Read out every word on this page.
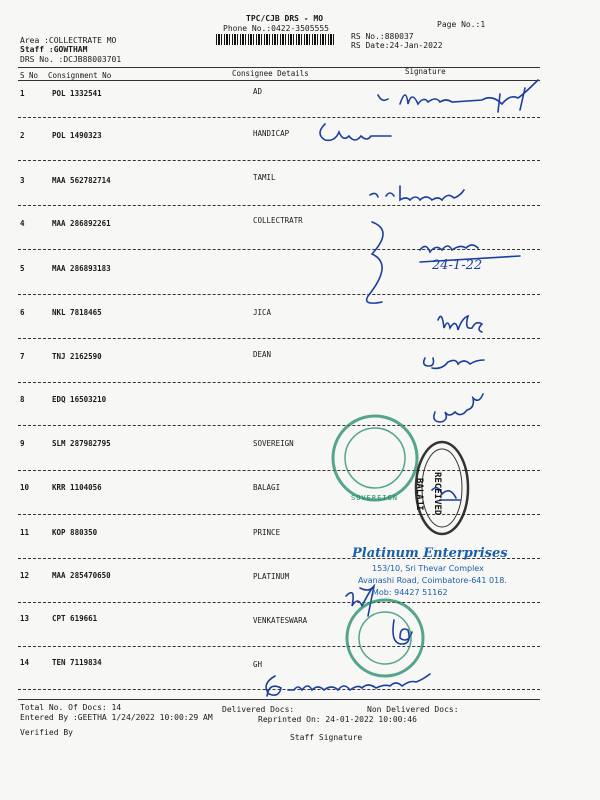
TPC/CJB DRS - MO
Phone No.:0422-3505555	Page No.:1
Area :COLLECTRATE MO
Staff :GOWTHAM
DRS No. :DCJB88003701
RS No.:880037
RS Date:24-Jan-2022
S No Consignment No	Consignee Details	Signature
1	POL 1332541	AD
2	POL 1490323	HANDICAP
3	MAA 562782714	TAMIL
4	MAA 286892261	COLLECTRATR
5	MAA 286893183
6	NKL 7818465	JICA
7	TNJ 2162590	DEAN
8	EDQ 16503210
9	SLM 287982795	SOVEREIGN
10	KRR 1104056	BALAGI
11	KOP 880350	PRINCE
12	MAA 285470650	PLATINUM
13	CPT 619661	VENKATESWARA
14	TEN 7119834	GH
Total No. Of Docs: 14	Delivered Docs:	Non Delivered Docs:
Entered By :GEETHA 1/24/2022 10:00:29 AM	Reprinted On: 24-01-2022 10:00:46
Verified By
Staff Signature
24-1-22
SOVEREIGN BALAJI RECEIVED
Platinum Enterprises
153/10, Sri Thevar Complex
Avanashi Road, Coimbatore-641 018.
Mob: 94427 51162
